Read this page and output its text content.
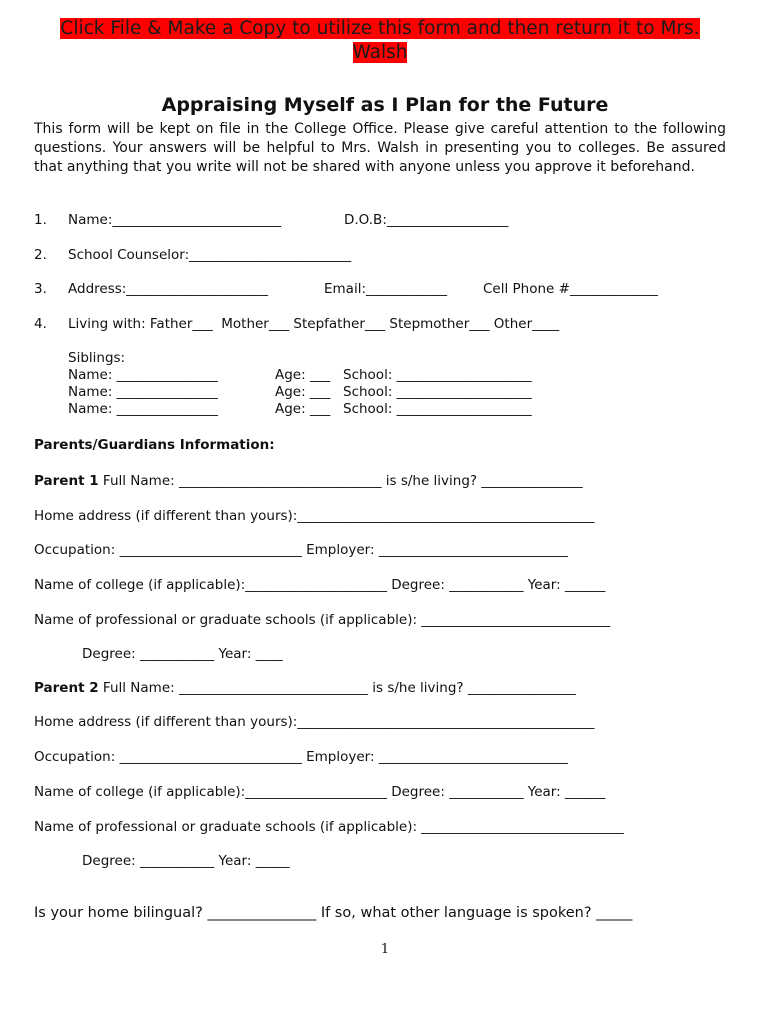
Click File & Make a Copy to utilize this form and then return it to Mrs. Walsh
Appraising Myself as I Plan for the Future
This form will be kept on file in the College Office. Please give careful attention to the following questions. Your answers will be helpful to Mrs. Walsh in presenting you to colleges. Be assured that anything that you write will not be shared with anyone unless you approve it beforehand.
1. Name:_________________________	D.O.B:__________________
2. School Counselor:________________________
3. Address:_____________________	Email:____________	Cell Phone #_____________
4. Living with: Father___  Mother___ Stepfather___ Stepmother___ Other____
Siblings:
Name: _______________	Age: ___ School: ____________________
Name: _______________	Age: ___ School: ____________________
Name: _______________	Age: ___ School: ____________________
Parents/Guardians Information:
Parent 1 Full Name: ______________________________ is s/he living? _______________
Home address (if different than yours):____________________________________________
Occupation: ___________________________ Employer: ____________________________
Name of college (if applicable):_____________________ Degree: ___________ Year: ______
Name of professional or graduate schools (if applicable): ____________________________
Degree: ___________ Year: ____
Parent 2 Full Name: ____________________________ is s/he living? ________________
Home address (if different than yours):____________________________________________
Occupation: ___________________________ Employer: ____________________________
Name of college (if applicable):_____________________ Degree: ___________ Year: ______
Name of professional or graduate schools (if applicable): ______________________________
Degree: ___________ Year: _____
Is your home bilingual? _______________ If so, what other language is spoken? _____
1
